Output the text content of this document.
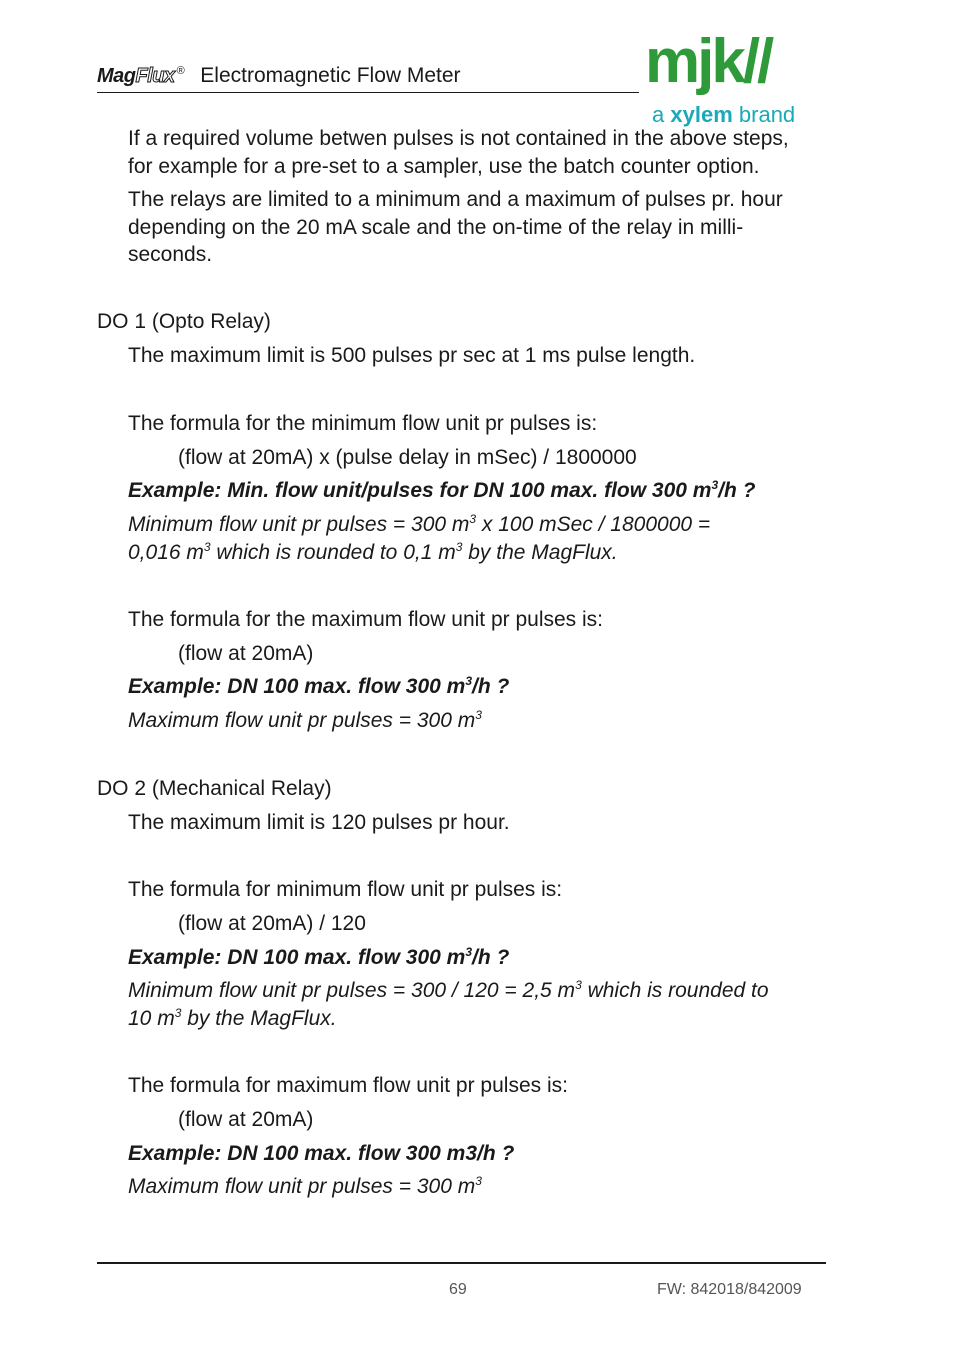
MagFlux ® Electromagnetic Flow Meter	mjk//
a xylem brand
If a required volume betwen pulses is not contained in the above steps,
for example for a pre-set to a sampler, use the batch counter option.
The relays are limited to a minimum and a maximum of pulses pr. hour
depending on the 20 mA scale and the on-time of the relay in milli-
seconds.
DO 1 (Opto Relay)
The maximum limit is 500 pulses pr sec at 1 ms pulse length.
The formula for the minimum flow unit pr pulses is:
(flow at 20mA) x (pulse delay in mSec) / 1800000
Example: Min. flow unit/pulses for DN 100 max. flow 300 $m^3/h$ ?
Minimum flow unit pr pulses = 300 $m^3$ x 100 mSec / 1800000 =
0,016 $m^3$ which is rounded to 0,1 $m^3$ by the MagFlux.
The formula for the maximum flow unit pr pulses is:
(flow at 20mA)
Example: DN 100 max. flow 300 $m^3/h$ ?
Maximum flow unit pr pulses = 300 $m^3$
DO 2 (Mechanical Relay)
The maximum limit is 120 pulses pr hour.
The formula for minimum flow unit pr pulses is:
(flow at 20mA) / 120
Example: DN 100 max. flow 300 $m^3/h$ ?
Minimum flow unit pr pulses = 300 / 120 = 2,5 $m^3$ which is rounded to
10 $m^3$ by the MagFlux.
The formula for maximum flow unit pr pulses is:
(flow at 20mA)
Example: DN 100 max. flow 300 m3/h ?
Maximum flow unit pr pulses = 300 $m^3$
69	FW: 842018/842009
